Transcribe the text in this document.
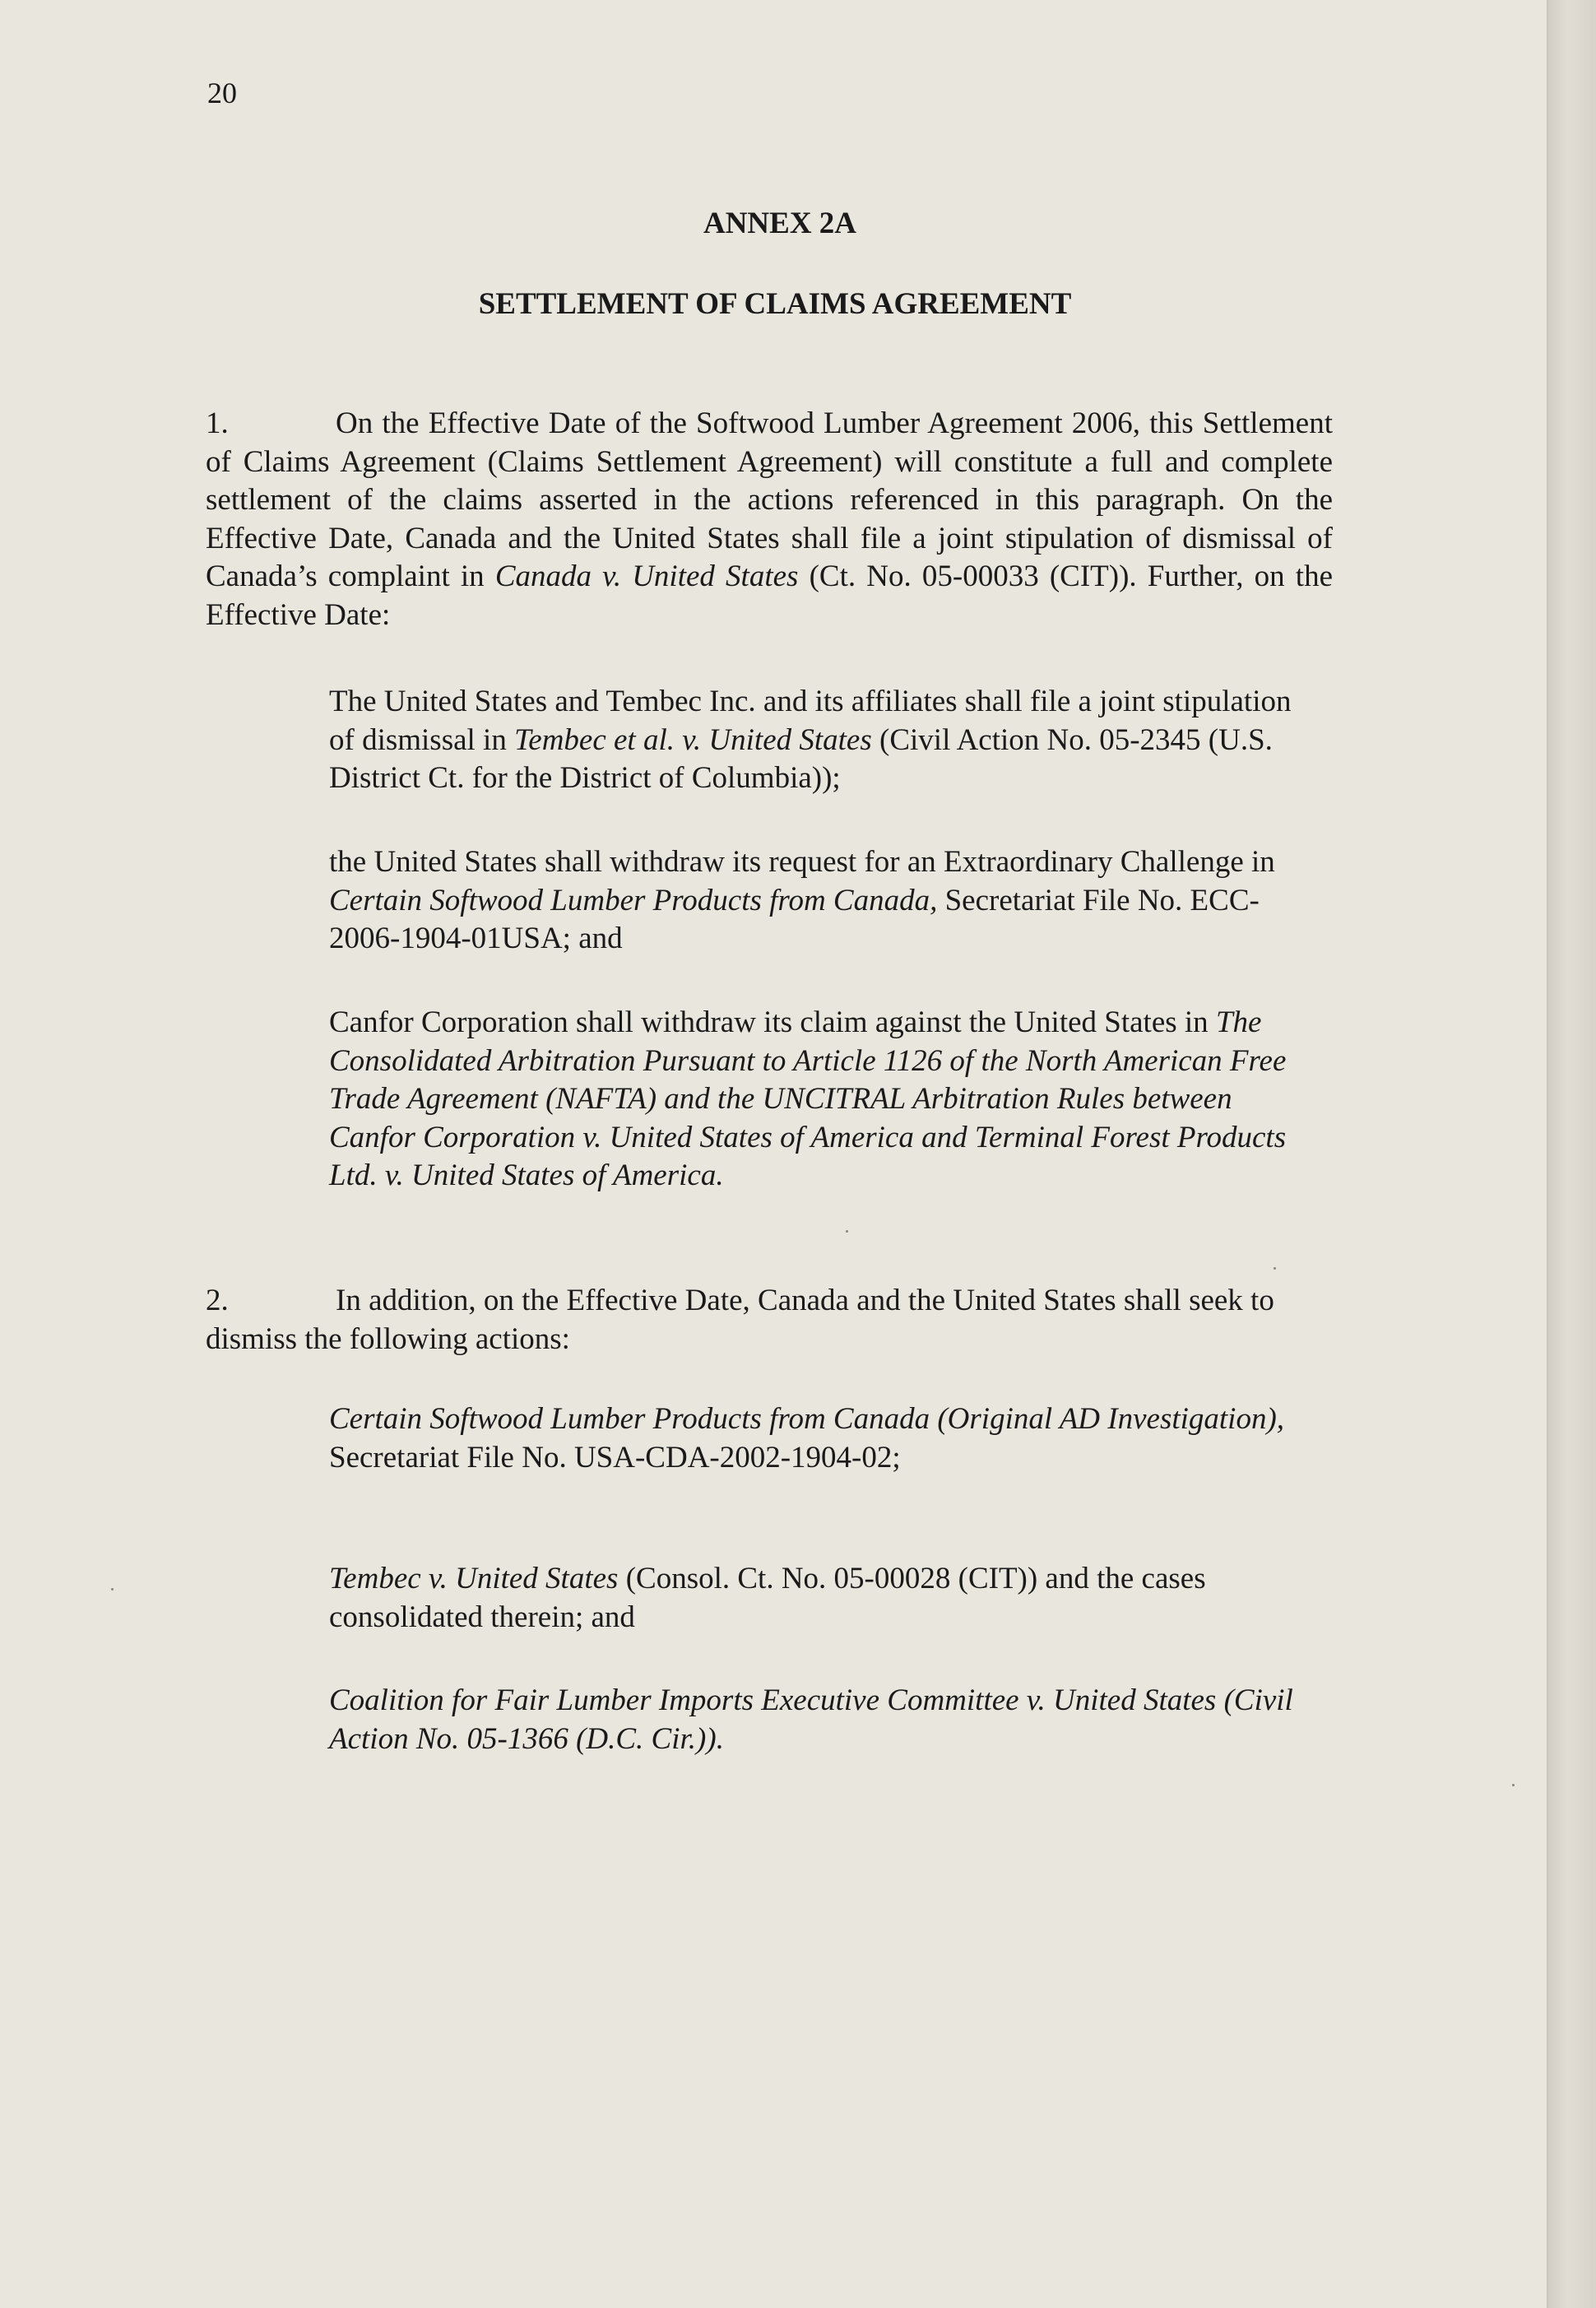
20
ANNEX 2A
SETTLEMENT OF CLAIMS AGREEMENT
1.	On the Effective Date of the Softwood Lumber Agreement 2006, this Settlement of Claims Agreement (Claims Settlement Agreement) will constitute a full and complete settlement of the claims asserted in the actions referenced in this paragraph. On the Effective Date, Canada and the United States shall file a joint stipulation of dismissal of Canada’s complaint in Canada v. United States (Ct. No. 05-00033 (CIT)). Further, on the Effective Date:
The United States and Tembec Inc. and its affiliates shall file a joint stipulation of dismissal in Tembec et al. v. United States (Civil Action No. 05-2345 (U.S. District Ct. for the District of Columbia));
the United States shall withdraw its request for an Extraordinary Challenge in Certain Softwood Lumber Products from Canada, Secretariat File No. ECC-2006-1904-01USA; and
Canfor Corporation shall withdraw its claim against the United States in The Consolidated Arbitration Pursuant to Article 1126 of the North American Free Trade Agreement (NAFTA) and the UNCITRAL Arbitration Rules between Canfor Corporation v. United States of America and Terminal Forest Products Ltd. v. United States of America.
2.	In addition, on the Effective Date, Canada and the United States shall seek to dismiss the following actions:
Certain Softwood Lumber Products from Canada (Original AD Investigation), Secretariat File No. USA-CDA-2002-1904-02;
Tembec v. United States (Consol. Ct. No. 05-00028 (CIT)) and the cases consolidated therein; and
Coalition for Fair Lumber Imports Executive Committee v. United States (Civil Action No. 05-1366 (D.C. Cir.)).
